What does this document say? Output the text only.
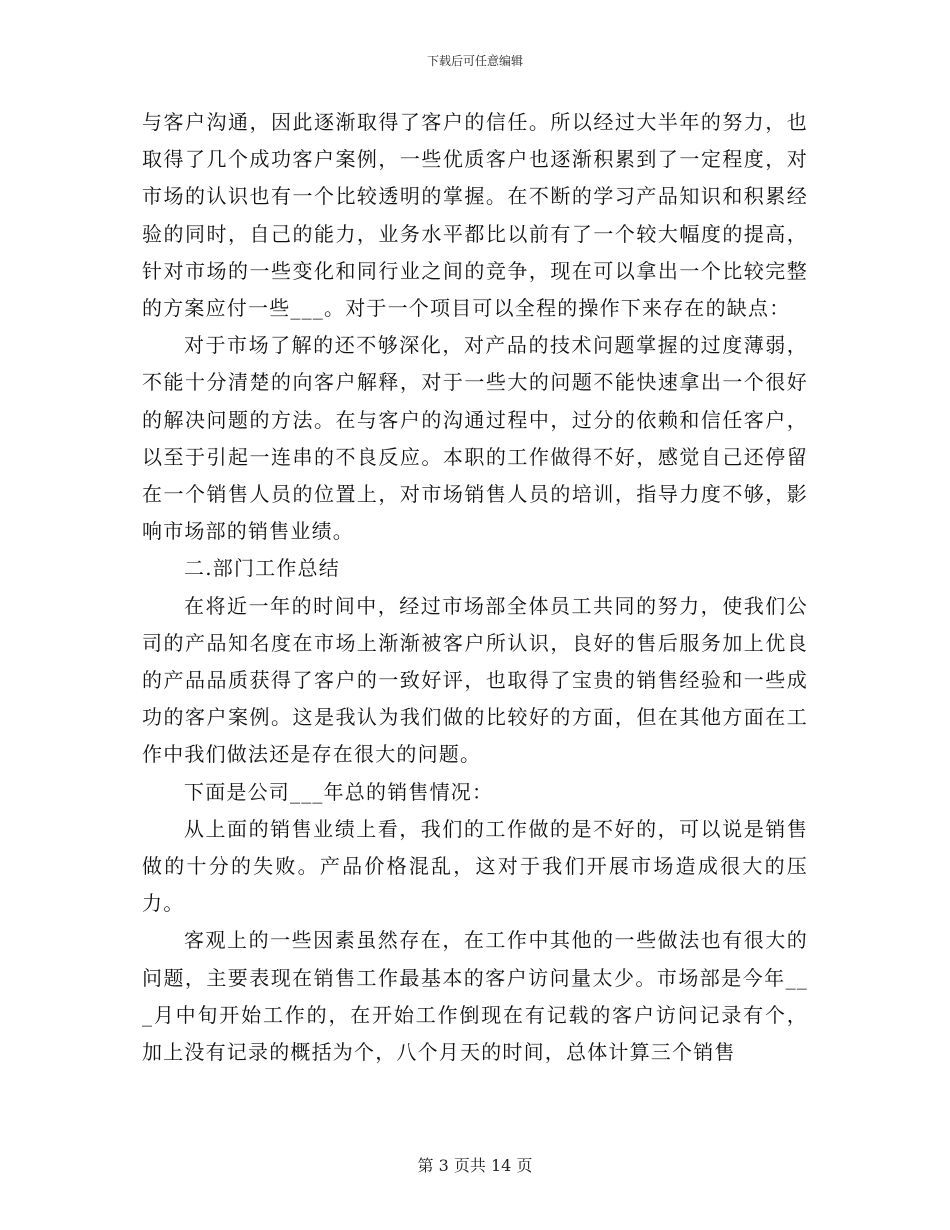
下载后可任意编辑

与客户沟通，因此逐渐取得了客户的信任。所以经过大半年的努力，也取得了几个成功客户案例，一些优质客户也逐渐积累到了一定程度，对市场的认识也有一个比较透明的掌握。在不断的学习产品知识和积累经验的同时，自己的能力，业务水平都比以前有了一个较大幅度的提高，针对市场的一些变化和同行业之间的竞争，现在可以拿出一个比较完整的方案应付一些___。对于一个项目可以全程的操作下来存在的缺点：

对于市场了解的还不够深化，对产品的技术问题掌握的过度薄弱，不能十分清楚的向客户解释，对于一些大的问题不能快速拿出一个很好的解决问题的方法。在与客户的沟通过程中，过分的依赖和信任客户，以至于引起一连串的不良反应。本职的工作做得不好，感觉自己还停留在一个销售人员的位置上，对市场销售人员的培训，指导力度不够，影响市场部的销售业绩。

二.部门工作总结

在将近一年的时间中，经过市场部全体员工共同的努力，使我们公司的产品知名度在市场上渐渐被客户所认识，良好的售后服务加上优良的产品品质获得了客户的一致好评，也取得了宝贵的销售经验和一些成功的客户案例。这是我认为我们做的比较好的方面，但在其他方面在工作中我们做法还是存在很大的问题。

下面是公司___年总的销售情况：

从上面的销售业绩上看，我们的工作做的是不好的，可以说是销售做的十分的失败。产品价格混乱，这对于我们开展市场造成很大的压力。

客观上的一些因素虽然存在，在工作中其他的一些做法也有很大的问题，主要表现在销售工作最基本的客户访问量太少。市场部是今年___月中旬开始工作的，在开始工作倒现在有记载的客户访问记录有个，加上没有记录的概括为个，八个月天的时间，总体计算三个销售

第 3 页共 14 页
